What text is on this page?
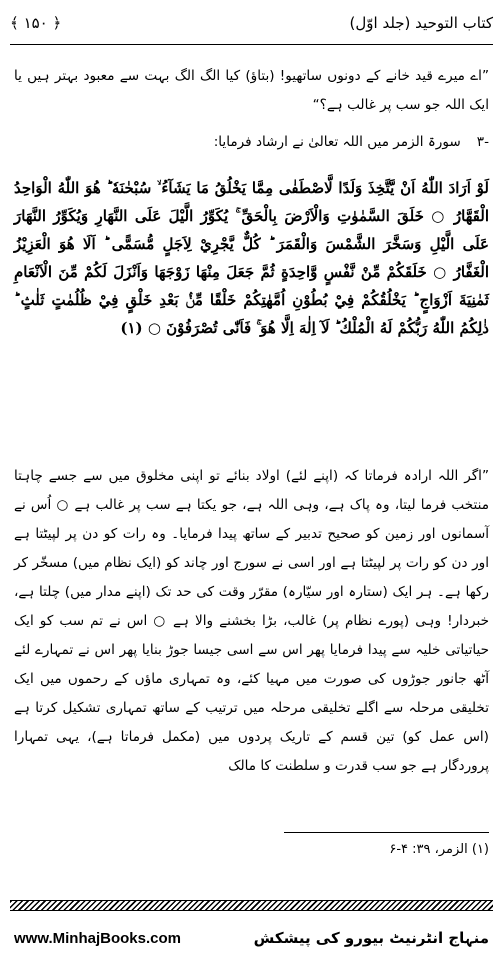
﴿ ۱۵۰ ﴾	کتاب التوحید (جلد اوّل)
”اے میرے قید خانے کے دونوں ساتھیو! (بتاؤ) کیا الگ الگ بہت سے معبود بہتر ہیں یا ایک اللہ جو سب پر غالب ہے؟“
-۳
سورۃ الزمر میں اللہ تعالیٰ نے ارشاد فرمایا:
لَوْ اَرَادَ اللّٰهُ اَنْ يَّتَّخِذَ وَلَدًا لَّاصْطَفٰى مِمَّا يَخْلُقُ مَا يَشَآءُ ۙ سُبْحٰنَهٗ ؕ هُوَ اللّٰهُ الْوَاحِدُ الْقَهَّارُ ○ خَلَقَ السَّمٰوٰتِ وَالْاَرْضَ بِالْحَقِّ ۚ يُكَوِّرُ الَّيْلَ عَلَى النَّهَارِ وَيُكَوِّرُ النَّهَارَ عَلَى الَّيْلِ وَسَخَّرَ الشَّمْسَ وَالْقَمَرَ ؕ كُلٌّ يَّجْرِيْ لِاَجَلٍ مُّسَمًّى ؕ اَلَا هُوَ الْعَزِيْزُ الْغَفَّارُ ○ خَلَقَكُمْ مِّنْ نَّفْسٍ وَّاحِدَةٍ ثُمَّ جَعَلَ مِنْهَا زَوْجَهَا وَاَنْزَلَ لَكُمْ مِّنَ الْاَنْعَامِ ثَمٰنِيَةَ اَزْوَاجٍ ؕ يَخْلُقُكُمْ فِيْ بُطُوْنِ اُمَّهٰتِكُمْ خَلْقًا مِّنْۢ بَعْدِ خَلْقٍ فِيْ ظُلُمٰتٍ ثَلٰثٍ ؕ ذٰلِكُمُ اللّٰهُ رَبُّكُمْ لَهُ الْمُلْكُ ؕ لَآ اِلٰهَ اِلَّا هُوَ ۚ فَاَنّٰى تُصْرَفُوْنَ ○ (۱)
”اگر اللہ ارادہ فرماتا کہ (اپنے لئے) اولاد بنائے تو اپنی مخلوق میں سے جسے چاہتا منتخب فرما لیتا، وہ پاک ہے، وہی اللہ ہے، جو یکتا ہے سب پر غالب ہے ○ اُس نے آسمانوں اور زمین کو صحیح تدبیر کے ساتھ پیدا فرمایا۔ وہ رات کو دن پر لپیٹتا ہے اور دن کو رات پر لپیٹتا ہے اور اسی نے سورج اور چاند کو (ایک نظام میں) مسخّر کر رکھا ہے۔ ہر ایک (ستارہ اور سیّارہ) مقرّر وقت کی حد تک (اپنے مدار میں) چلتا ہے، خبردار! وہی (پورے نظام پر) غالب، بڑا بخشنے والا ہے ○ اس نے تم سب کو ایک حیاتیاتی خلیہ سے پیدا فرمایا پھر اس سے اسی جیسا جوڑ بنایا پھر اس نے تمہارے لئے آٹھ جانور جوڑوں کی صورت میں مہیا کئے، وہ تمہاری ماؤں کے رحموں میں ایک تخلیقی مرحلہ سے اگلے تخلیقی مرحلہ میں ترتیب کے ساتھ تمہاری تشکیل کرتا ہے (اس عمل کو) تین قسم کے تاریک پردوں میں (مکمل فرماتا ہے)، یہی تمہارا پروردگار ہے جو سب قدرت و سلطنت کا مالک
(۱) الزمر، ۳۹: ۴-۶
www.MinhajBooks.com	منہاج انٹرنیٹ بیورو کی پیشکش
